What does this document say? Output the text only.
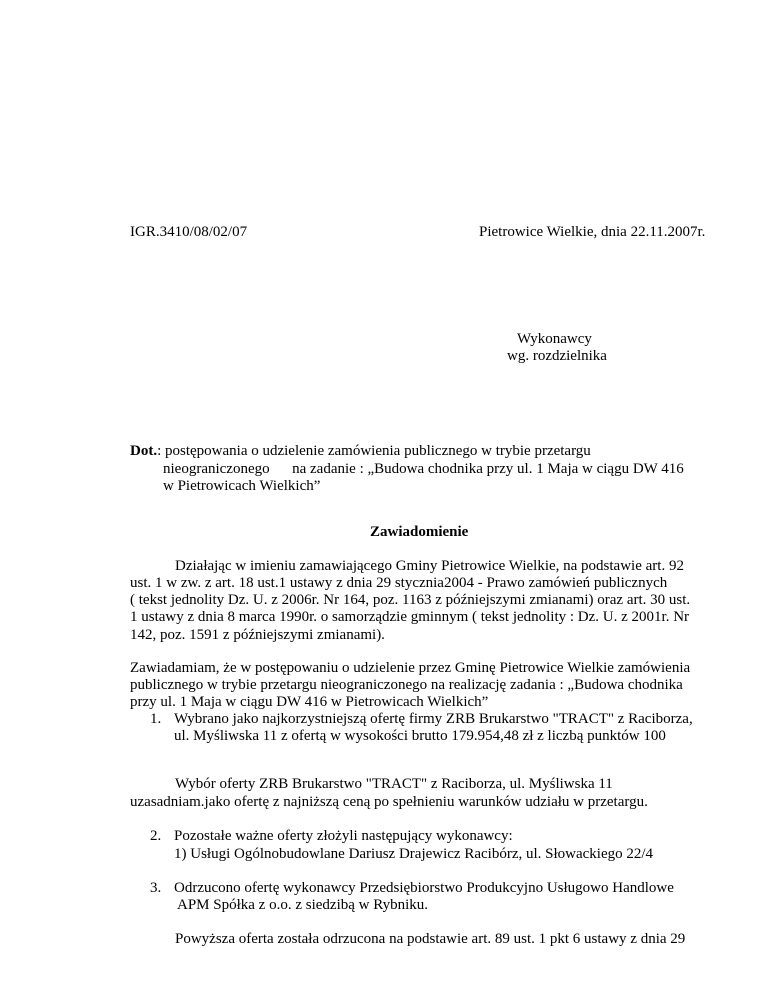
IGR.3410/08/02/07	Pietrowice Wielkie, dnia 22.11.2007r.
Wykonawcy
wg. rozdzielnika
Dot.: postępowania o udzielenie zamówienia publicznego w trybie przetargu
nieograniczonego      na zadanie : „Budowa chodnika przy ul. 1 Maja w ciągu DW 416
w Pietrowicach Wielkich”
Zawiadomienie
Działając w imieniu zamawiającego Gminy Pietrowice Wielkie, na podstawie art. 92
ust. 1 w zw. z art. 18 ust.1 ustawy z dnia 29 stycznia2004 - Prawo zamówień publicznych
( tekst jednolity Dz. U. z 2006r. Nr 164, poz. 1163 z późniejszymi zmianami) oraz art. 30 ust.
1 ustawy z dnia 8 marca 1990r. o samorządzie gminnym ( tekst jednolity : Dz. U. z 2001r. Nr
142, poz. 1591 z późniejszymi zmianami).
Zawiadamiam, że w postępowaniu o udzielenie przez Gminę Pietrowice Wielkie zamówienia
publicznego w trybie przetargu nieograniczonego na realizację zadania : „Budowa chodnika
przy ul. 1 Maja w ciągu DW 416 w Pietrowicach Wielkich”
1. Wybrano jako najkorzystniejszą ofertę firmy ZRB Brukarstwo "TRACT" z Raciborza,
ul. Myśliwska 11 z ofertą w wysokości brutto 179.954,48 zł z liczbą punktów 100
Wybór oferty ZRB Brukarstwo "TRACT" z Raciborza, ul. Myśliwska 11
uzasadniam.jako ofertę z najniższą ceną po spełnieniu warunków udziału w przetargu.
2. Pozostałe ważne oferty złożyli następujący wykonawcy:
1) Usługi Ogólnobudowlane Dariusz Drajewicz Racibórz, ul. Słowackiego 22/4
3. Odrzucono ofertę wykonawcy Przedsiębiorstwo Produkcyjno Usługowo Handlowe
APM Spółka z o.o. z siedzibą w Rybniku.
Powyższa oferta została odrzucona na podstawie art. 89 ust. 1 pkt 6 ustawy z dnia 29
